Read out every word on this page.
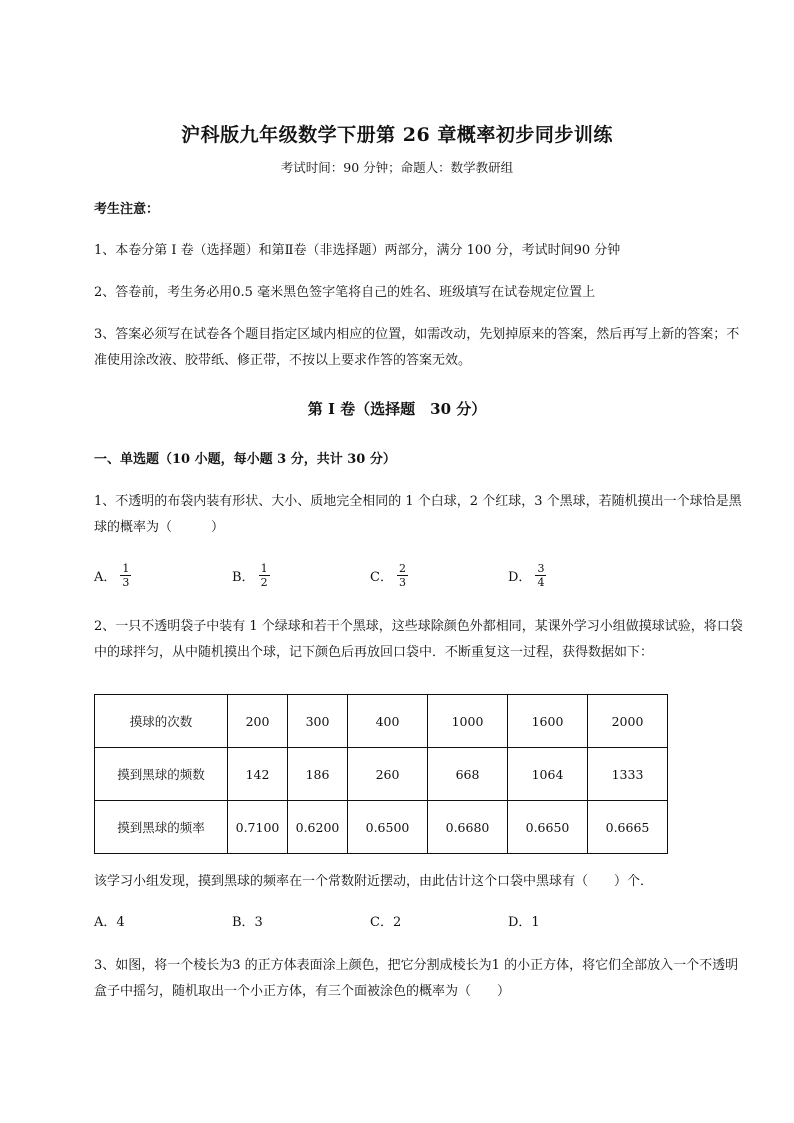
沪科版九年级数学下册第 26 章概率初步同步训练
考试时间：90 分钟；命题人：数学教研组
考生注意：
1、本卷分第 I 卷（选择题）和第Ⅱ卷（非选择题）两部分，满分 100 分，考试时间90 分钟
2、答卷前，考生务必用0.5 毫米黑色签字笔将自己的姓名、班级填写在试卷规定位置上
3、答案必须写在试卷各个题目指定区域内相应的位置，如需改动，先划掉原来的答案，然后再写上新的答案；不准使用涂改液、胶带纸、修正带，不按以上要求作答的答案无效。
第 I 卷（选择题　30 分）
一、单选题（10 小题，每小题 3 分，共计 30 分）
1、不透明的布袋内装有形状、大小、质地完全相同的 1 个白球，2 个红球，3 个黑球，若随机摸出一个球恰是黑球的概率为（　　　）
A． $\frac{1}{3}$	B． $\frac{1}{2}$	C． $\frac{2}{3}$	D． $\frac{3}{4}$
2、一只不透明袋子中装有 1 个绿球和若干个黑球，这些球除颜色外都相同，某课外学习小组做摸球试验，将口袋中的球拌匀，从中随机摸出个球，记下颜色后再放回口袋中．不断重复这一过程，获得数据如下：
摸球的次数	200	300	400	1000	1600	2000
摸到黑球的频数	142	186	260	668	1064	1333
摸到黑球的频率	0.7100	0.6200	0.6500	0.6680	0.6650	0.6665
该学习小组发现，摸到黑球的频率在一个常数附近摆动，由此估计这个口袋中黑球有（　　）个．
A．4	B．3	C．2	D．1
3、如图，将一个棱长为3 的正方体表面涂上颜色，把它分割成棱长为1 的小正方体，将它们全部放入一个不透明盒子中摇匀，随机取出一个小正方体，有三个面被涂色的概率为（　　）
